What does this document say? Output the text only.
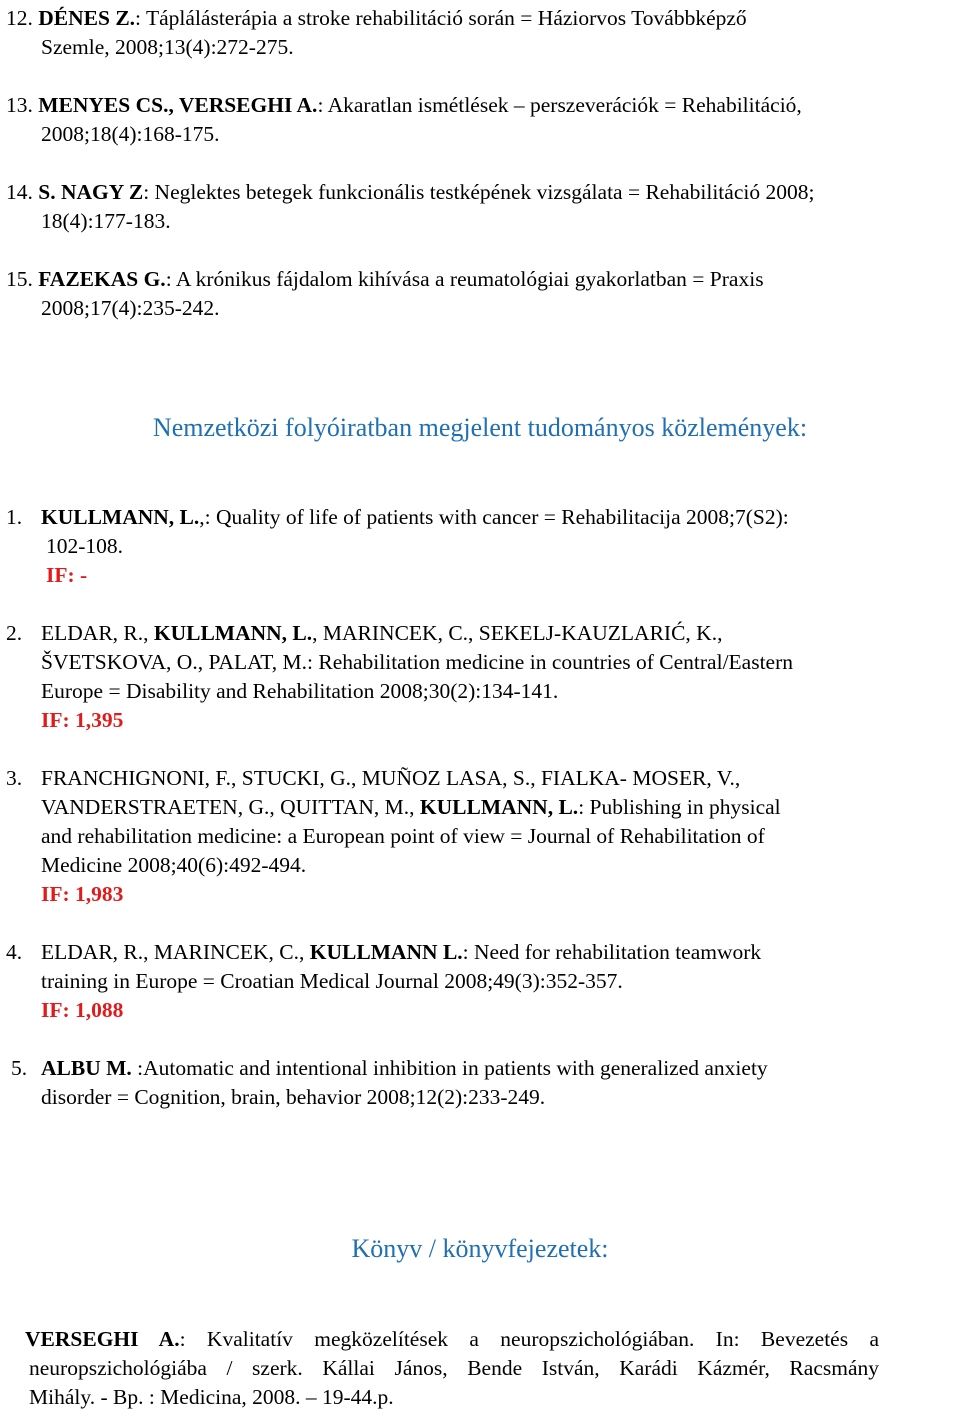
12. DÉNES Z.: Táplálásterápia a stroke rehabilitáció során = Háziorvos Továbbképző
Szemle, 2008;13(4):272-275.
13. MENYES CS., VERSEGHI A.: Akaratlan ismétlések – perszeverációk = Rehabilitáció,
2008;18(4):168-175.
14. S. NAGY Z: Neglektes betegek funkcionális testképének vizsgálata = Rehabilitáció 2008;
18(4):177-183.
15. FAZEKAS G.: A krónikus fájdalom kihívása a reumatológiai gyakorlatban = Praxis
2008;17(4):235-242.
Nemzetközi folyóiratban megjelent tudományos közlemények:
1. KULLMANN, L.,: Quality of life of patients with cancer = Rehabilitacija 2008;7(S2):
102-108.
IF: -
2. ELDAR, R., KULLMANN, L., MARINCEK, C., SEKELJ-KAUZLARIĆ, K.,
ŠVETSKOVA, O., PALAT, M.: Rehabilitation medicine in countries of Central/Eastern
Europe = Disability and Rehabilitation 2008;30(2):134-141.
IF: 1,395
3. FRANCHIGNONI, F., STUCKI, G., MUÑOZ LASA, S., FIALKA- MOSER, V.,
VANDERSTRAETEN, G., QUITTAN, M., KULLMANN, L.: Publishing in physical
and rehabilitation medicine: a European point of view = Journal of Rehabilitation of
Medicine 2008;40(6):492-494.
IF: 1,983
4. ELDAR, R., MARINCEK, C., KULLMANN L.: Need for rehabilitation teamwork
training in Europe = Croatian Medical Journal 2008;49(3):352-357.
IF: 1,088
5. ALBU M. :Automatic and intentional inhibition in patients with generalized anxiety
disorder = Cognition, brain, behavior 2008;12(2):233-249.
Könyv / könyvfejezetek:
VERSEGHI A.: Kvalitatív megközelítések a neuropszichológiában. In: Bevezetés a
neuropszichológiába / szerk. Kállai János, Bende István, Karádi Kázmér, Racsmány
Mihály. - Bp. : Medicina, 2008. – 19-44.p.
